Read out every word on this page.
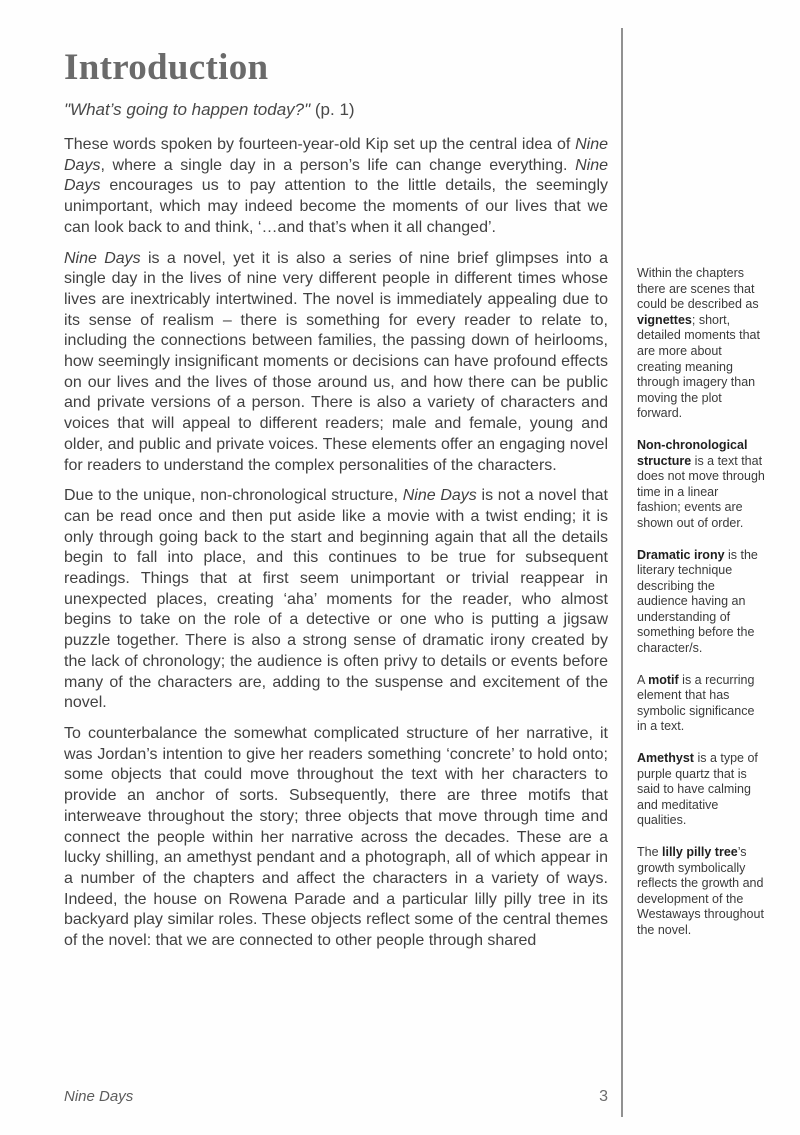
Introduction

"What’s going to happen today?" (p. 1)

These words spoken by fourteen-year-old Kip set up the central idea of Nine Days, where a single day in a person’s life can change everything. Nine Days encourages us to pay attention to the little details, the seemingly unimportant, which may indeed become the moments of our lives that we can look back to and think, ‘…and that’s when it all changed’.

Nine Days is a novel, yet it is also a series of nine brief glimpses into a single day in the lives of nine very different people in different times whose lives are inextricably intertwined. The novel is immediately appealing due to its sense of realism – there is something for every reader to relate to, including the connections between families, the passing down of heirlooms, how seemingly insignificant moments or decisions can have profound effects on our lives and the lives of those around us, and how there can be public and private versions of a person. There is also a variety of characters and voices that will appeal to different readers; male and female, young and older, and public and private voices. These elements offer an engaging novel for readers to understand the complex personalities of the characters.

Due to the unique, non-chronological structure, Nine Days is not a novel that can be read once and then put aside like a movie with a twist ending; it is only through going back to the start and beginning again that all the details begin to fall into place, and this continues to be true for subsequent readings. Things that at first seem unimportant or trivial reappear in unexpected places, creating ‘aha’ moments for the reader, who almost begins to take on the role of a detective or one who is putting a jigsaw puzzle together. There is also a strong sense of dramatic irony created by the lack of chronology; the audience is often privy to details or events before many of the characters are, adding to the suspense and excitement of the novel.

To counterbalance the somewhat complicated structure of her narrative, it was Jordan’s intention to give her readers something ‘concrete’ to hold onto; some objects that could move throughout the text with her characters to provide an anchor of sorts. Subsequently, there are three motifs that interweave throughout the story; three objects that move through time and connect the people within her narrative across the decades. These are a lucky shilling, an amethyst pendant and a photograph, all of which appear in a number of the chapters and affect the characters in a variety of ways. Indeed, the house on Rowena Parade and a particular lilly pilly tree in its backyard play similar roles. These objects reflect some of the central themes of the novel: that we are connected to other people through shared

Within the chapters there are scenes that could be described as vignettes; short, detailed moments that are more about creating meaning through imagery than moving the plot forward.

Non-chronological structure is a text that does not move through time in a linear fashion; events are shown out of order.

Dramatic irony is the literary technique describing the audience having an understanding of something before the character/s.

A motif is a recurring element that has symbolic significance in a text.

Amethyst is a type of purple quartz that is said to have calming and meditative qualities.

The lilly pilly tree’s growth symbolically reflects the growth and development of the Westaways throughout the novel.

Nine Days	3
